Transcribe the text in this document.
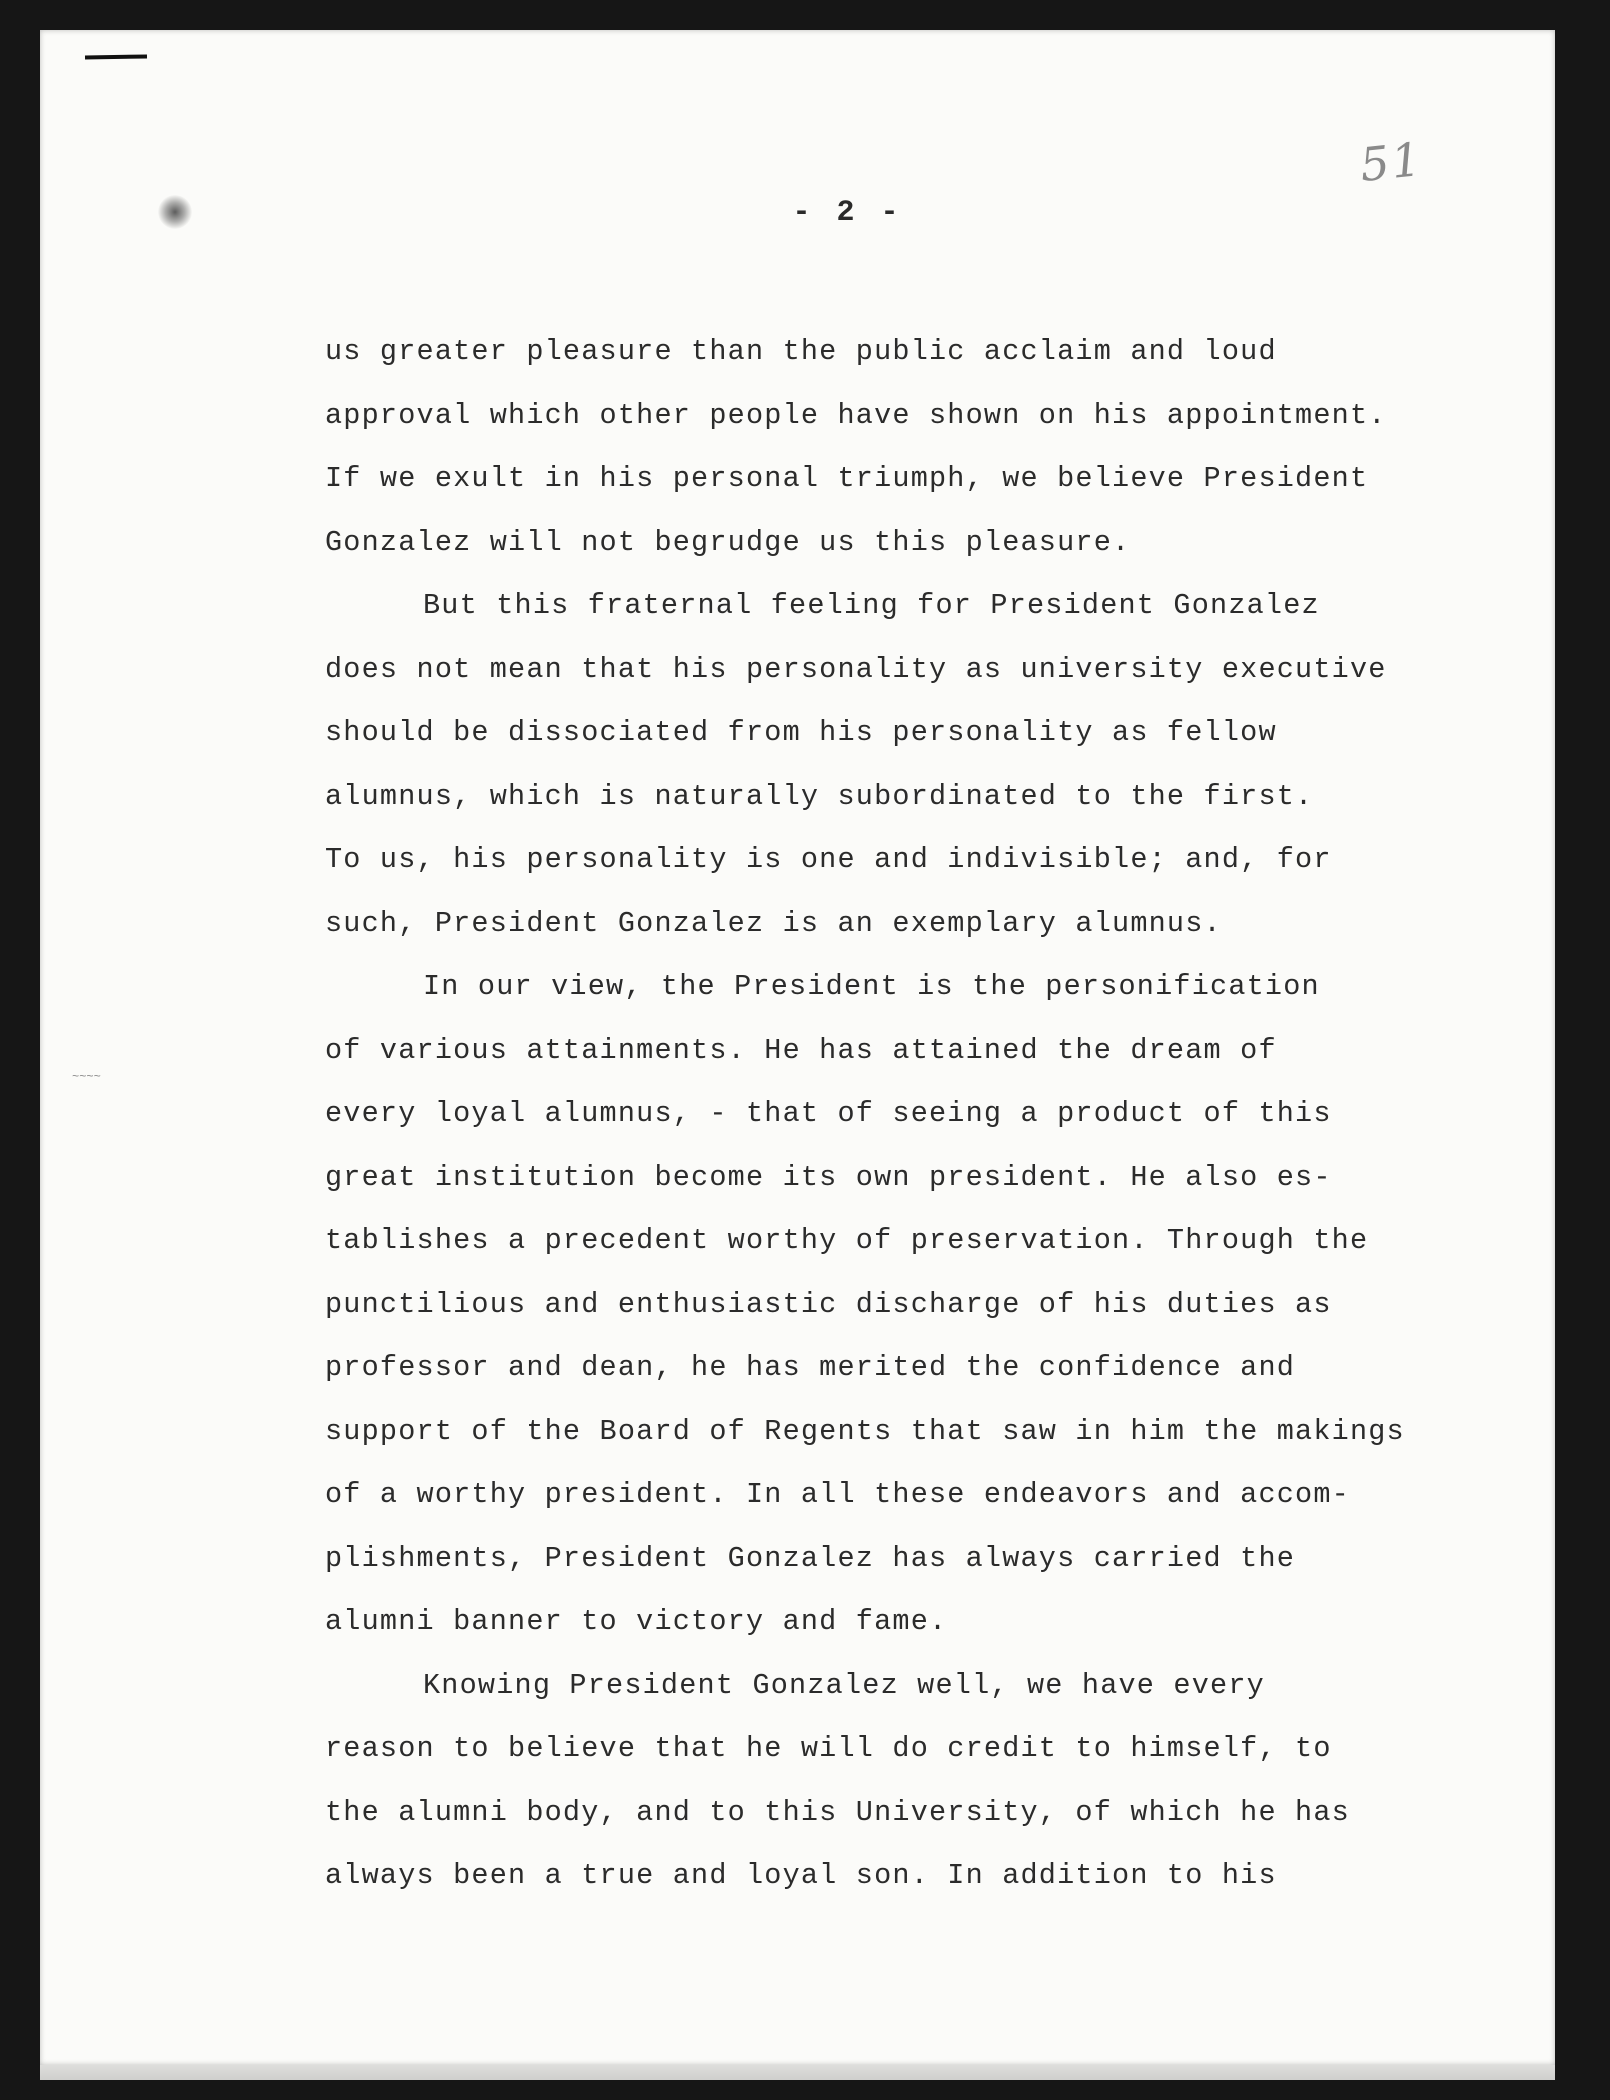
~~~~
51
- 2 -

us greater pleasure than the public acclaim and loud

approval which other people have shown on his appointment.

If we exult in his personal triumph, we believe President

Gonzalez will not begrudge us this pleasure.

But this fraternal feeling for President Gonzalez

does not mean that his personality as university executive

should be dissociated from his personality as fellow

alumnus, which is naturally subordinated to the first.

To us, his personality is one and indivisible; and, for

such, President Gonzalez is an exemplary alumnus.

In our view, the President is the personification

of various attainments. He has attained the dream of

every loyal alumnus, - that of seeing a product of this

great institution become its own president. He also es-

tablishes a precedent worthy of preservation. Through the

punctilious and enthusiastic discharge of his duties as

professor and dean, he has merited the confidence and

support of the Board of Regents that saw in him the makings

of a worthy president. In all these endeavors and accom-

plishments, President Gonzalez has always carried the

alumni banner to victory and fame.

Knowing President Gonzalez well, we have every

reason to believe that he will do credit to himself, to

the alumni body, and to this University, of which he has

always been a true and loyal son. In addition to his
